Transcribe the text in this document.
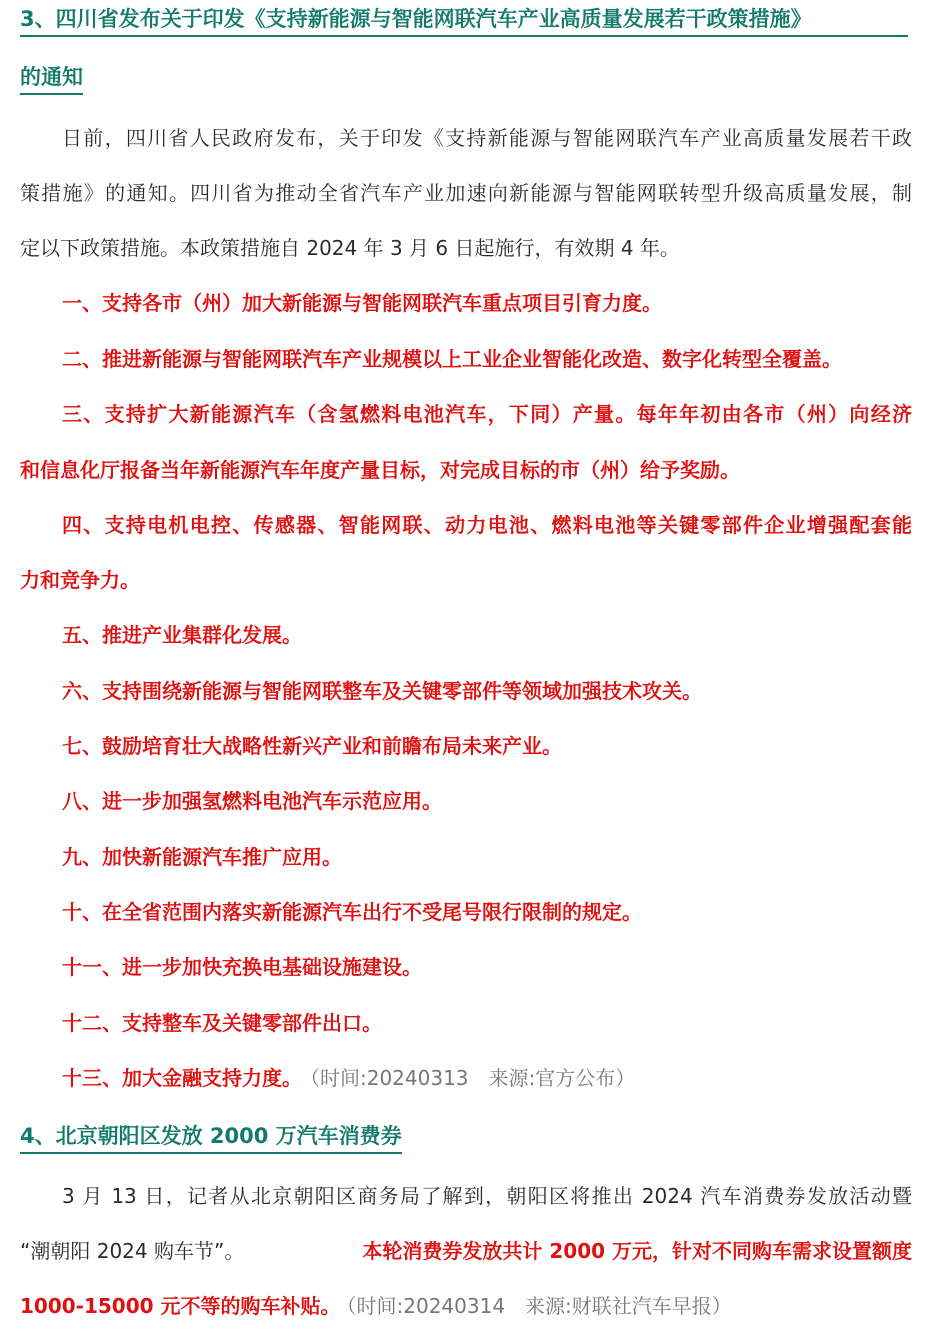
3、四川省发布关于印发《支持新能源与智能网联汽车产业高质量发展若干政策措施》
的通知
日前，四川省人民政府发布，关于印发《支持新能源与智能网联汽车产业高质量发展若干政
策措施》的通知。四川省为推动全省汽车产业加速向新能源与智能网联转型升级高质量发展，制
定以下政策措施。本政策措施自 2024 年 3 月 6 日起施行，有效期 4 年。
一、支持各市（州）加大新能源与智能网联汽车重点项目引育力度。
二、推进新能源与智能网联汽车产业规模以上工业企业智能化改造、数字化转型全覆盖。
三、支持扩大新能源汽车（含氢燃料电池汽车，下同）产量。每年年初由各市（州）向经济
和信息化厅报备当年新能源汽车年度产量目标，对完成目标的市（州）给予奖励。
四、支持电机电控、传感器、智能网联、动力电池、燃料电池等关键零部件企业增强配套能
力和竞争力。
五、推进产业集群化发展。
六、支持围绕新能源与智能网联整车及关键零部件等领域加强技术攻关。
七、鼓励培育壮大战略性新兴产业和前瞻布局未来产业。
八、进一步加强氢燃料电池汽车示范应用。
九、加快新能源汽车推广应用。
十、在全省范围内落实新能源汽车出行不受尾号限行限制的规定。
十一、进一步加快充换电基础设施建设。
十二、支持整车及关键零部件出口。
十三、加大金融支持力度。 （时间:20240313　来源:官方公布）
4、北京朝阳区发放 2000 万汽车消费券
3 月 13 日，记者从北京朝阳区商务局了解到，朝阳区将推出 2024 汽车消费券发放活动暨
“潮朝阳 2024 购车节”。	本轮消费券发放共计 2000 万元，针对不同购车需求设置额度
1000-15000 元不等的购车补贴。 （时间:20240314　来源:财联社汽车早报）
